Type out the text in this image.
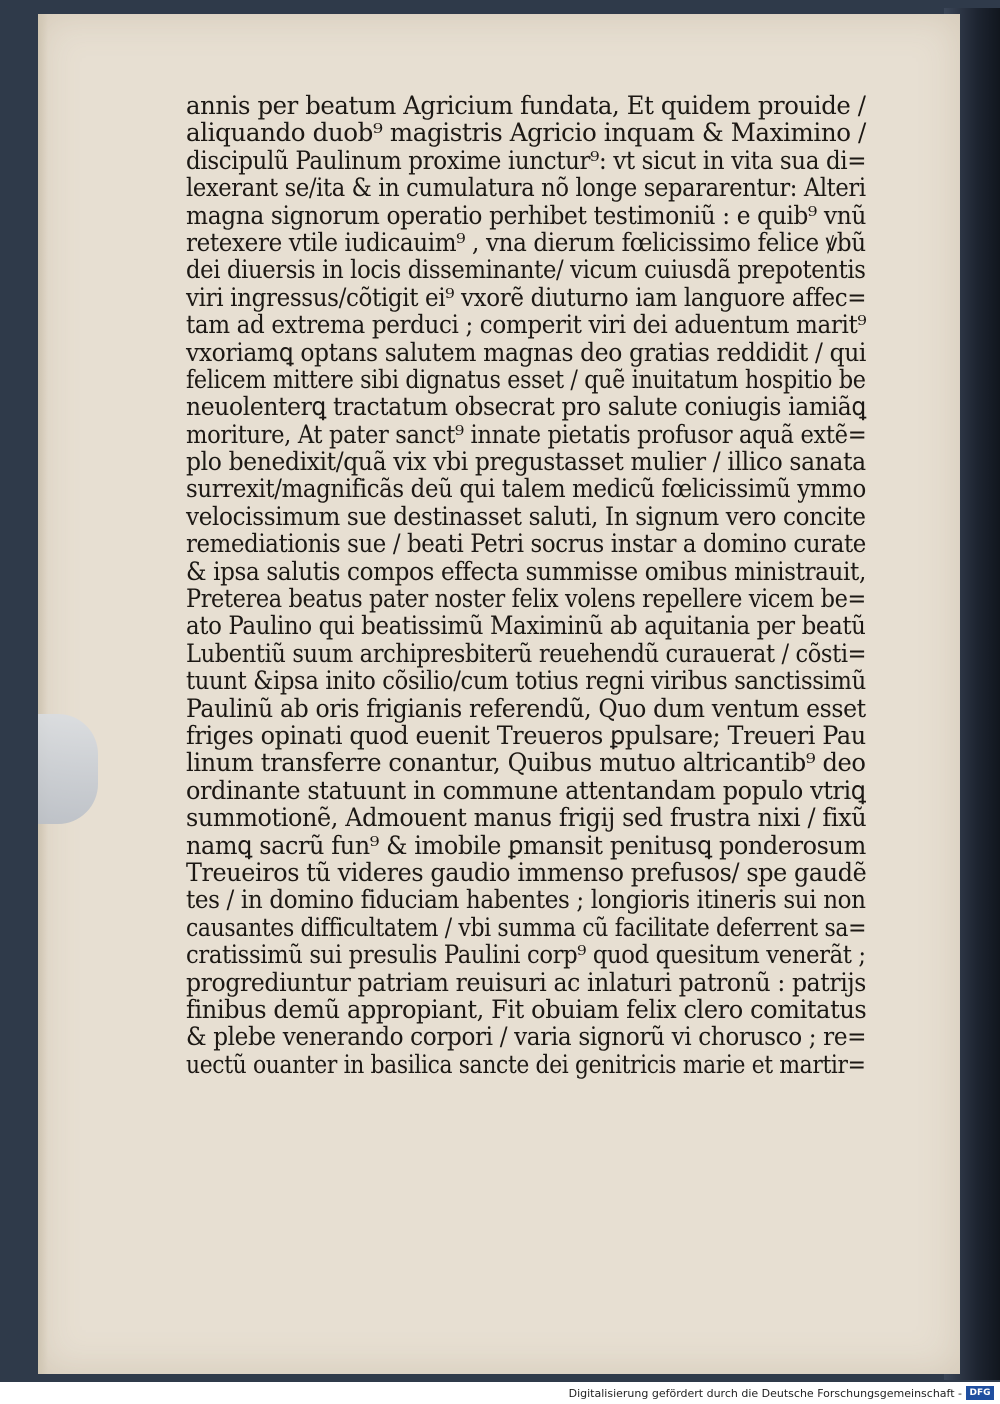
annis per beatum Agricium fundata, Et quidem prouide /
aliquando duob⁹ magistris Agricio inquam & Maximino /
discipulũ Paulinum proxime iunctur⁹: vt sicut in vita sua di=
lexerant se/ita & in cumulatura nõ longe separarentur: Alteri
magna signorum operatio perhibet testimoniũ : e quib⁹ vnũ
retexere vtile iudicauim⁹ , vna dierum fœlicissimo felice ꝟbũ
dei diuersis in locis disseminante/ vicum cuiusdã prepotentis
viri ingressus/cõtigit ei⁹ vxorẽ diuturno iam languore affec=
tam ad extrema perduci ; comperit viri dei aduentum marit⁹
vxoriamꝗ optans salutem magnas deo gratias reddidit / qui
felicem mittere sibi dignatus esset / quẽ inuitatum hospitio be
neuolenterꝗ tractatum obsecrat pro salute coniugis iamiãꝗ
moriture, At pater sanct⁹ innate pietatis profusor aquã extẽ=
plo benedixit/quã vix vbi pregustasset mulier / illico sanata
surrexit/magnificãs deũ qui talem medicũ fœlicissimũ ymmo
velocissimum sue destinasset saluti, In signum vero concite
remediationis sue / beati Petri socrus instar a domino curate
& ipsa salutis compos effecta summisse omibus ministrauit,
Preterea beatus pater noster felix volens repellere vicem be=
ato Paulino qui beatissimũ Maximinũ ab aquitania per beatũ
Lubentiũ suum archipresbiterũ reuehendũ curauerat / cõsti=
tuunt &ipsa inito cõsilio/cum totius regni viribus sanctissimũ
Paulinũ ab oris frigianis referendũ, Quo dum ventum esset
friges opinati quod euenit Treueros ꝑpulsare; Treueri Pau
linum transferre conantur, Quibus mutuo altricantib⁹ deo
ordinante statuunt in commune attentandam populo vtriꝗ
summotionẽ, Admouent manus frigij sed frustra nixi / fixũ
namꝗ sacrũ fun⁹ & imobile ꝑmansit penitusꝗ ponderosum
Treueiros tũ videres gaudio immenso prefusos/ spe gaudẽ
tes / in domino fiduciam habentes ; longioris itineris sui non
causantes difficultatem / vbi summa cũ facilitate deferrent sa=
cratissimũ sui presulis Paulini corp⁹ quod quesitum venerãt ;
progrediuntur patriam reuisuri ac inlaturi patronũ : patrijs
finibus demũ appropiant, Fit obuiam felix clero comitatus
& plebe venerando corpori / varia signorũ vi chorusco ; re=
uectũ ouanter in basilica sancte dei genitricis marie et martir=
Digitalisierung gefördert durch die Deutsche Forschungsgemeinschaft - DFG
